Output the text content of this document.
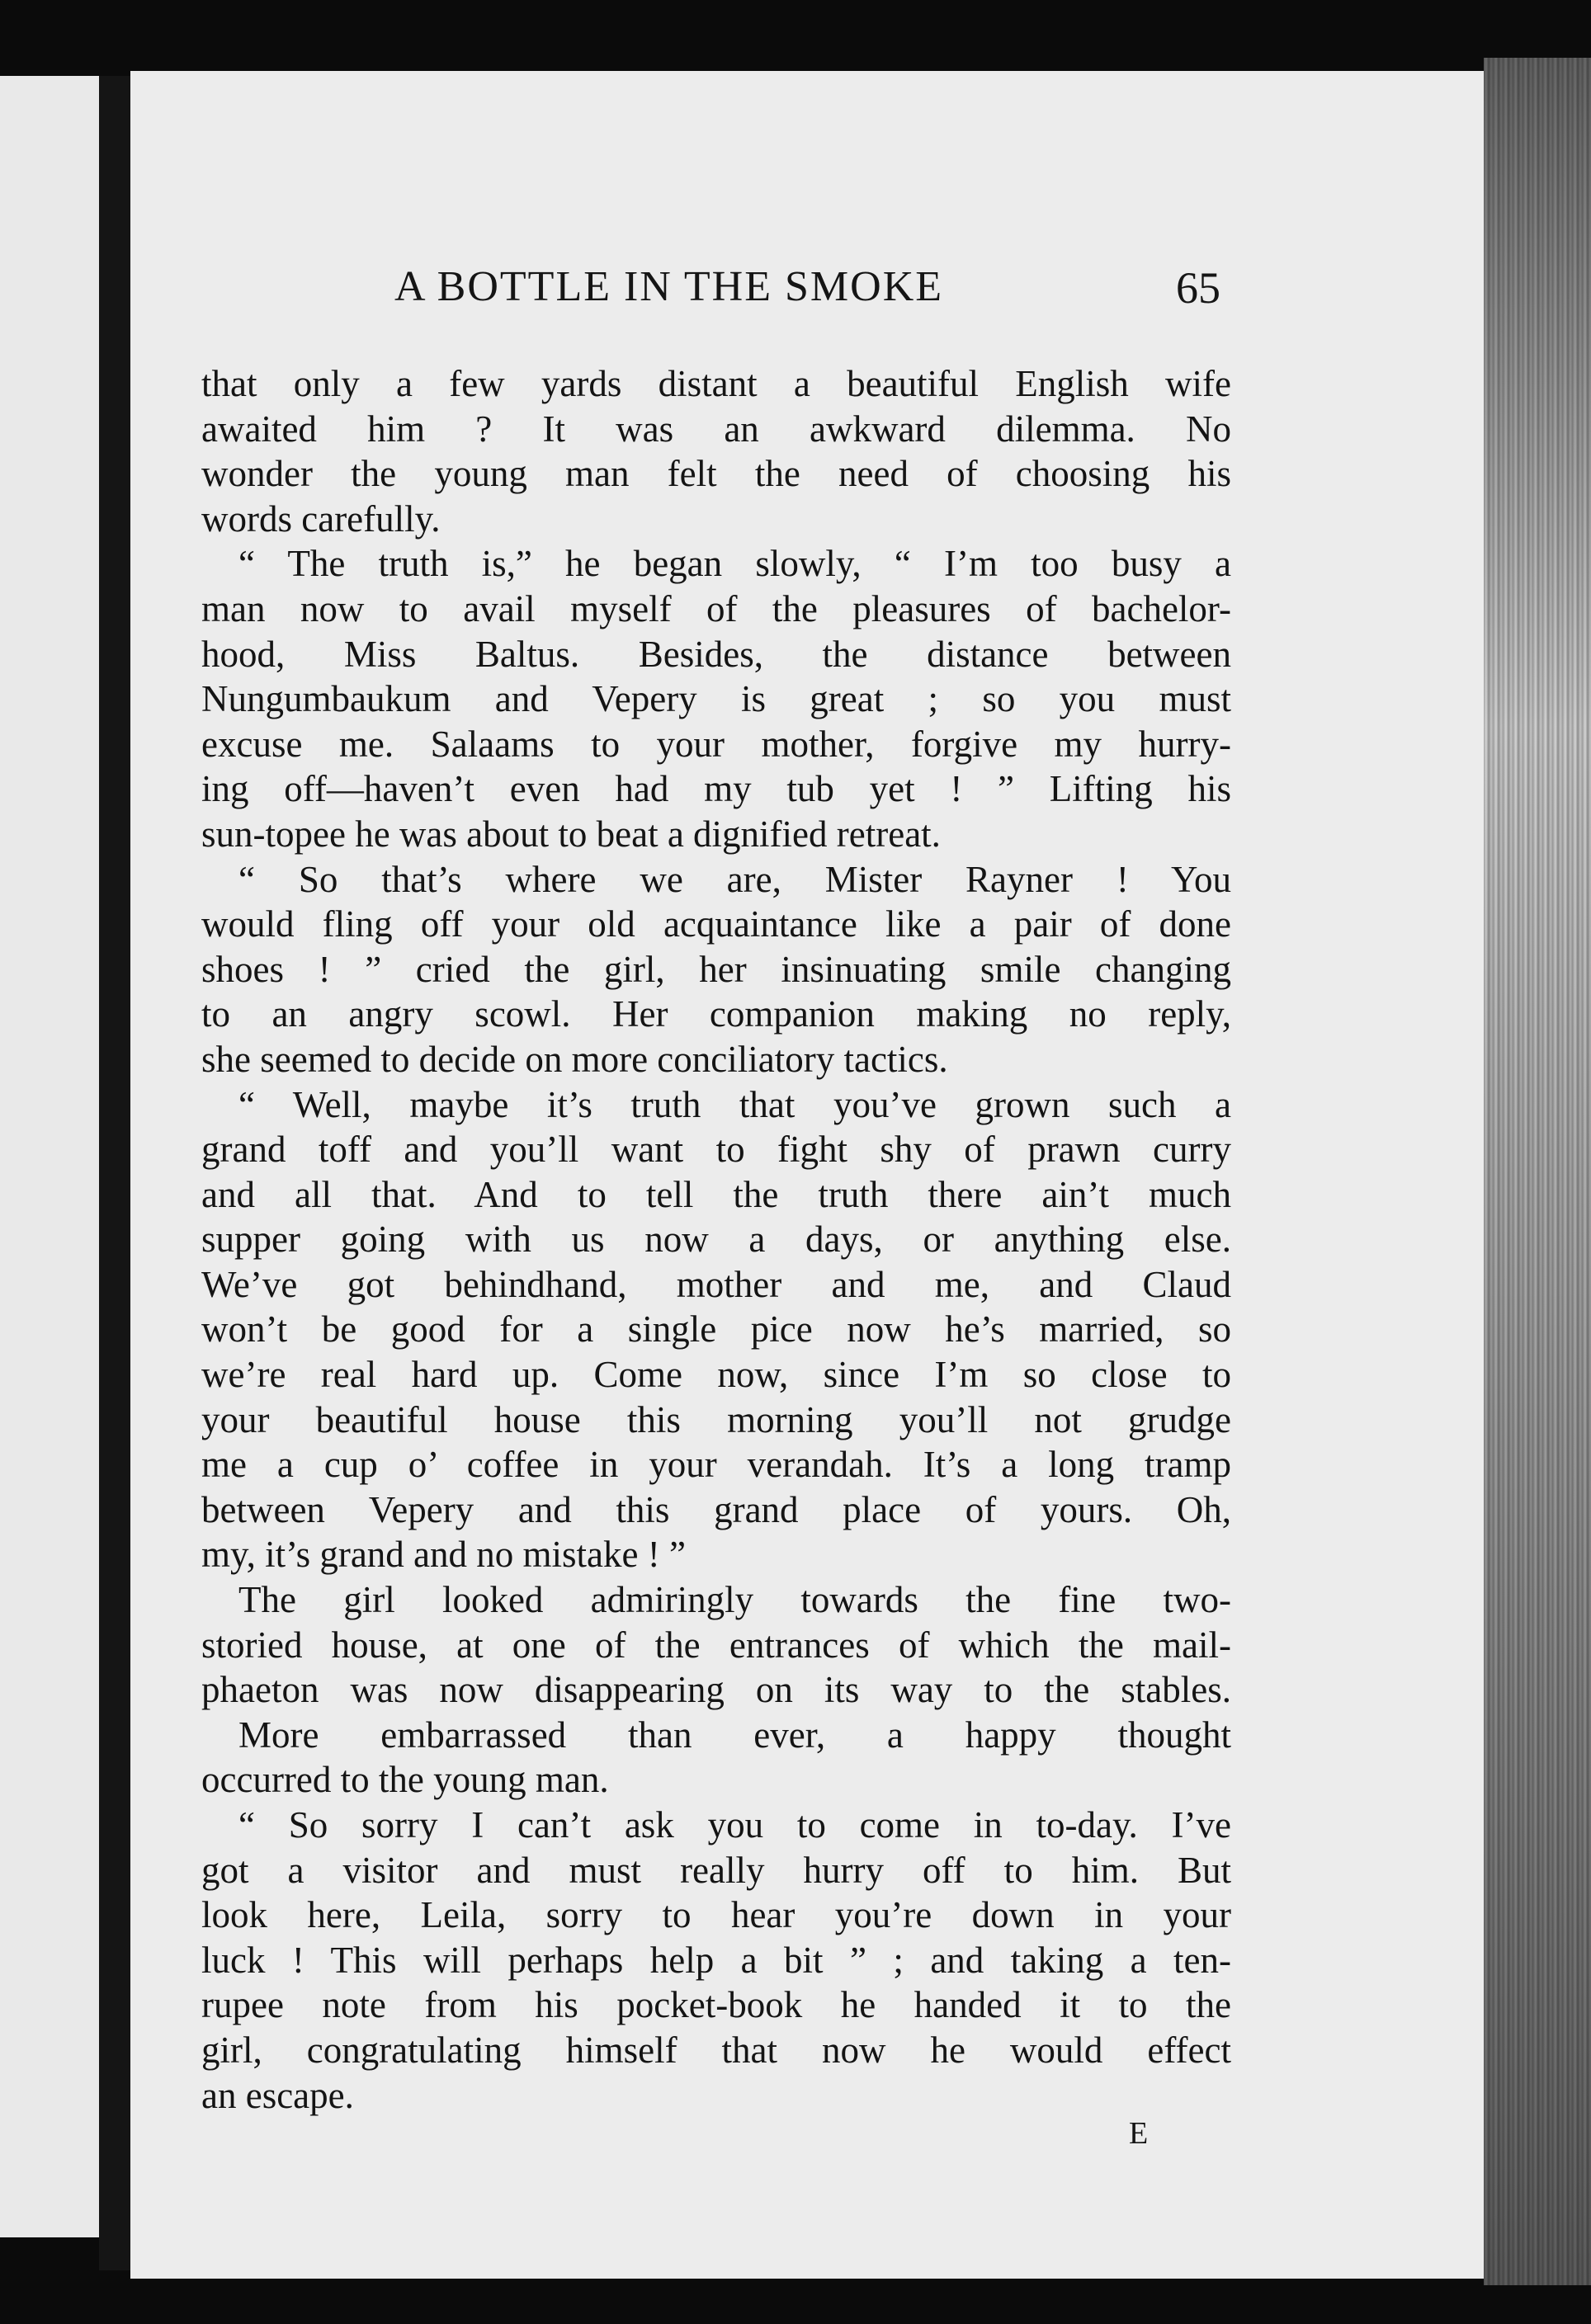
A BOTTLE IN THE SMOKE	65
that only a few yards distant a beautiful English wife
awaited him ? It was an awkward dilemma. No
wonder the young man felt the need of choosing his
words carefully.
“ The truth is,” he began slowly, “ I’m too busy a
man now to avail myself of the pleasures of bachelor-
hood, Miss Baltus. Besides, the distance between
Nungumbaukum and Vepery is great ; so you must
excuse me. Salaams to your mother, forgive my hurry-
ing off—haven’t even had my tub yet ! ” Lifting his
sun-topee he was about to beat a dignified retreat.
“ So that’s where we are, Mister Rayner ! You
would fling off your old acquaintance like a pair of done
shoes ! ” cried the girl, her insinuating smile changing
to an angry scowl. Her companion making no reply,
she seemed to decide on more conciliatory tactics.
“ Well, maybe it’s truth that you’ve grown such a
grand toff and you’ll want to fight shy of prawn curry
and all that. And to tell the truth there ain’t much
supper going with us now a days, or anything else.
We’ve got behindhand, mother and me, and Claud
won’t be good for a single pice now he’s married, so
we’re real hard up. Come now, since I’m so close to
your beautiful house this morning you’ll not grudge
me a cup o’ coffee in your verandah. It’s a long tramp
between Vepery and this grand place of yours. Oh,
my, it’s grand and no mistake ! ”
The girl looked admiringly towards the fine two-
storied house, at one of the entrances of which the mail-
phaeton was now disappearing on its way to the stables.
More embarrassed than ever, a happy thought
occurred to the young man.
“ So sorry I can’t ask you to come in to-day. I’ve
got a visitor and must really hurry off to him. But
look here, Leila, sorry to hear you’re down in your
luck ! This will perhaps help a bit ” ; and taking a ten-
rupee note from his pocket-book he handed it to the
girl, congratulating himself that now he would effect
an escape.
E
